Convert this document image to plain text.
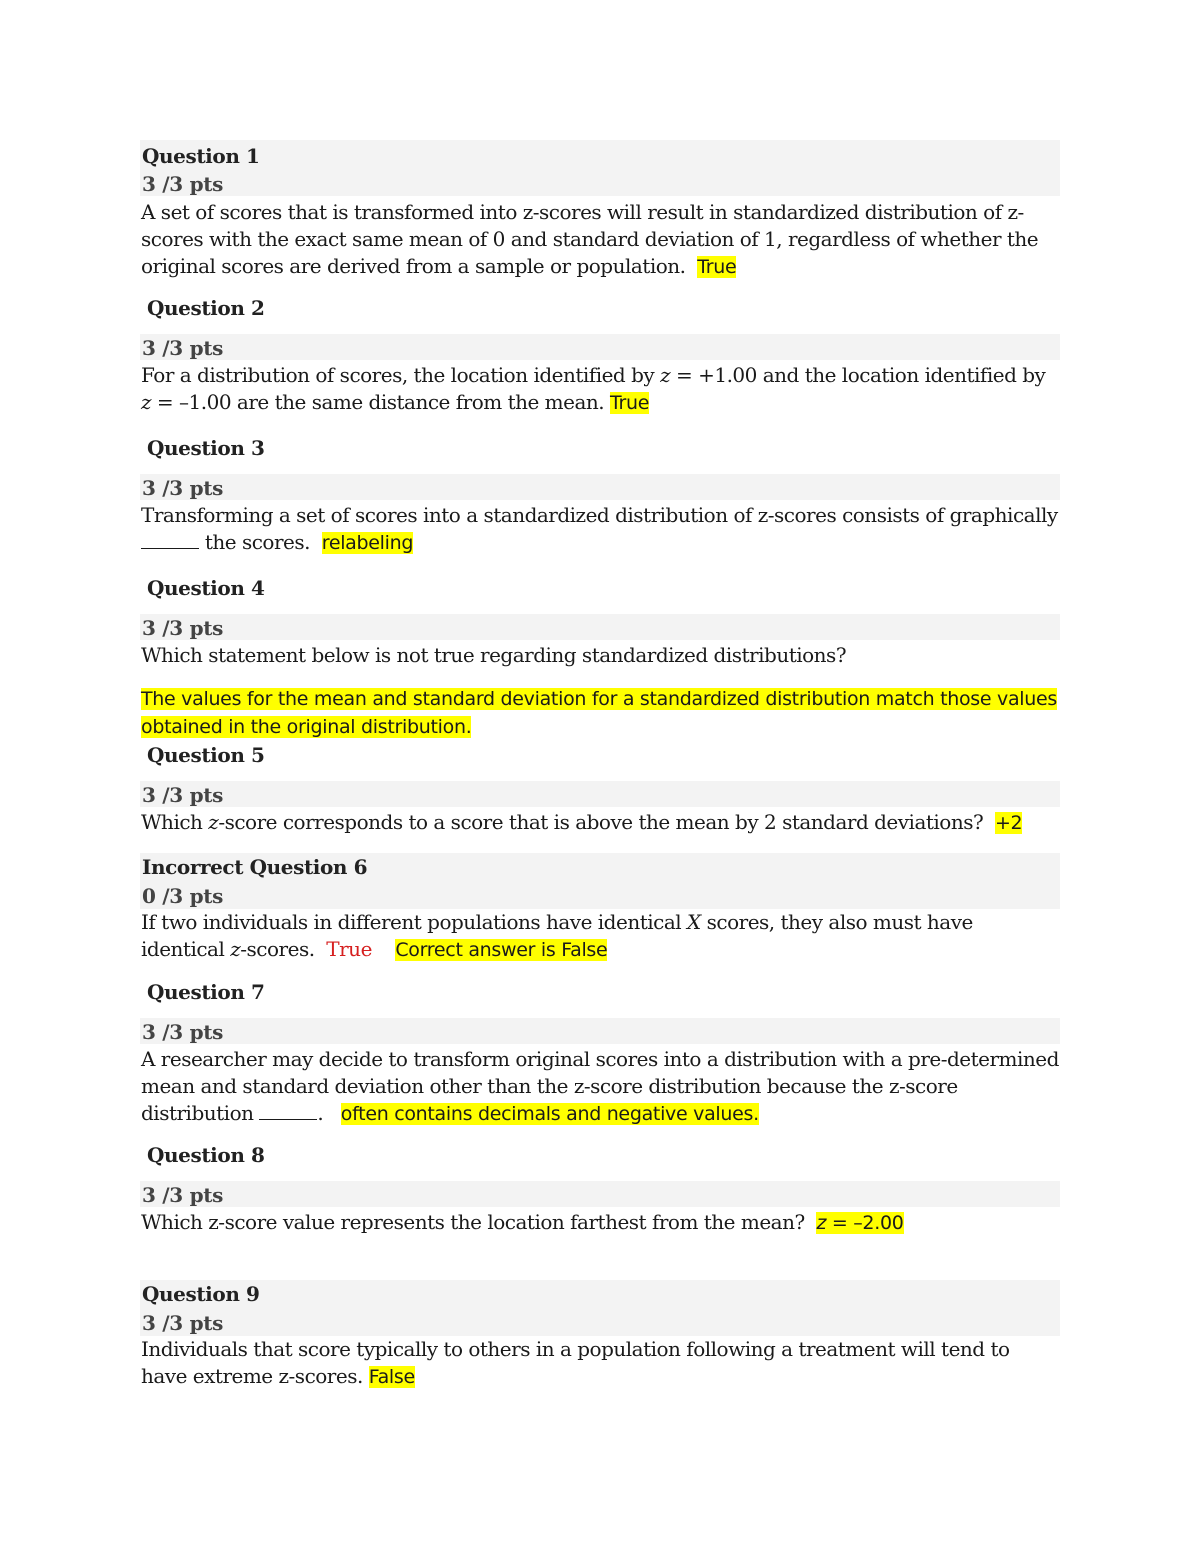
Question 1
3 /3 pts
A set of scores that is transformed into z-scores will result in standardized distribution of z-scores with the exact same mean of 0 and standard deviation of 1, regardless of whether the original scores are derived from a sample or population. True
Question 2
3 /3 pts
For a distribution of scores, the location identified by z = +1.00 and the location identified by z = –1.00 are the same distance from the mean. True
Question 3
3 /3 pts
Transforming a set of scores into a standardized distribution of z-scores consists of graphically
the scores. relabeling
Question 4
3 /3 pts
Which statement below is not true regarding standardized distributions?
The values for the mean and standard deviation for a standardized distribution match those values obtained in the original distribution.
Question 5
3 /3 pts
Which z-score corresponds to a score that is above the mean by 2 standard deviations? +2
Incorrect Question 6
0 /3 pts
If two individuals in different populations have identical X scores, they also must have identical z-scores. True Correct answer is False
Question 7
3 /3 pts
A researcher may decide to transform original scores into a distribution with a pre-determined mean and standard deviation other than the z-score distribution because the z-score distribution	. often contains decimals and negative values.
Question 8
3 /3 pts
Which z-score value represents the location farthest from the mean? z = –2.00
Question 9
3 /3 pts
Individuals that score typically to others in a population following a treatment will tend to have extreme z-scores. False
